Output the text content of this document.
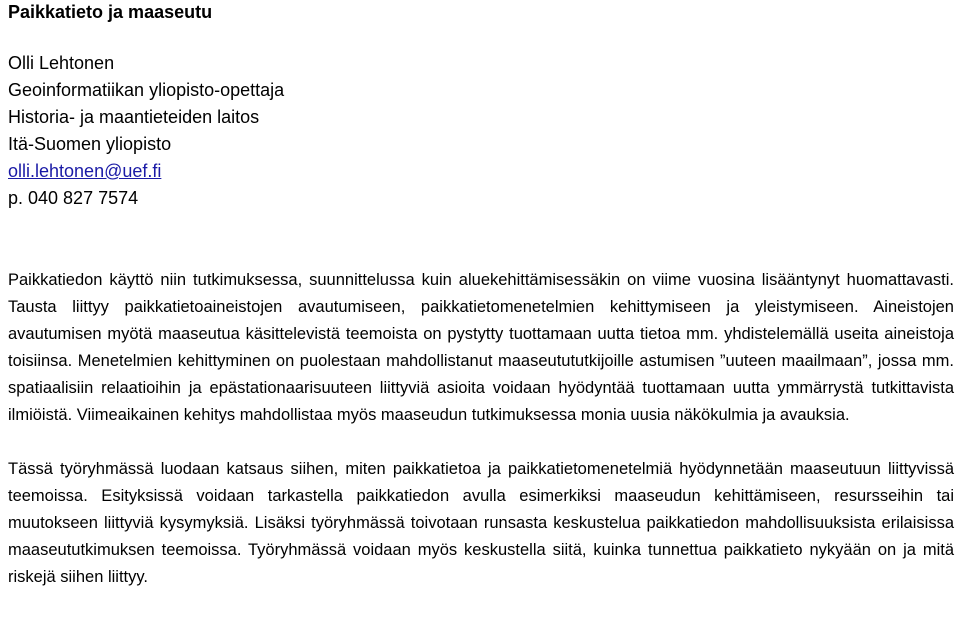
Paikkatieto ja maaseutu
Olli Lehtonen
Geoinformatiikan yliopisto-opettaja
Historia- ja maantieteiden laitos
Itä-Suomen yliopisto
olli.lehtonen@uef.fi
p. 040 827 7574

Paikkatiedon käyttö niin tutkimuksessa, suunnittelussa kuin aluekehittämisessäkin on viime vuosina lisääntynyt huomattavasti. Tausta liittyy paikkatietoaineistojen avautumiseen, paikkatietomenetelmien kehittymiseen ja yleistymiseen. Aineistojen avautumisen myötä maaseutua käsittelevistä teemoista on pystytty tuottamaan uutta tietoa mm. yhdistelemällä useita aineistoja toisiinsa. Menetelmien kehittyminen on puolestaan mahdollistanut maaseutututkijoille astumisen ”uuteen maailmaan”, jossa mm. spatiaalisiin relaatioihin ja epästationaarisuuteen liittyviä asioita voidaan hyödyntää tuottamaan uutta ymmärrystä tutkittavista ilmiöistä. Viimeaikainen kehitys mahdollistaa myös maaseudun tutkimuksessa monia uusia näkökulmia ja avauksia.

Tässä työryhmässä luodaan katsaus siihen, miten paikkatietoa ja paikkatietomenetelmiä hyödynnetään maaseutuun liittyvissä teemoissa. Esityksissä voidaan tarkastella paikkatiedon avulla esimerkiksi maaseudun kehittämiseen, resursseihin tai muutokseen liittyviä kysymyksiä. Lisäksi työryhmässä toivotaan runsasta keskustelua paikkatiedon mahdollisuuksista erilaisissa maaseututkimuksen teemoissa. Työryhmässä voidaan myös keskustella siitä, kuinka tunnettua paikkatieto nykyään on ja mitä riskejä siihen liittyy.
